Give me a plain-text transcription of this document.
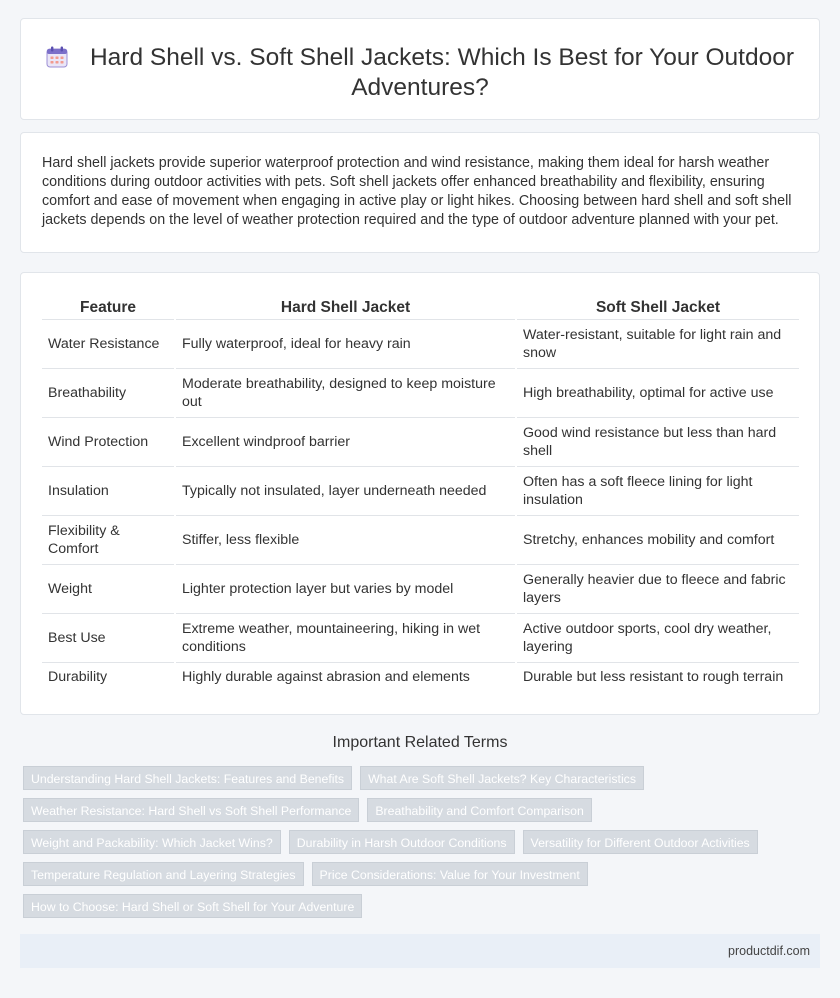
Hard Shell vs. Soft Shell Jackets: Which Is Best for Your Outdoor Adventures?

Hard shell jackets provide superior waterproof protection and wind resistance, making them ideal for harsh weather conditions during outdoor activities with pets. Soft shell jackets offer enhanced breathability and flexibility, ensuring comfort and ease of movement when engaging in active play or light hikes. Choosing between hard shell and soft shell jackets depends on the level of weather protection required and the type of outdoor adventure planned with your pet.

Feature	Hard Shell Jacket	Soft Shell Jacket
Water Resistance	Fully waterproof, ideal for heavy rain	Water-resistant, suitable for light rain and snow
Breathability	Moderate breathability, designed to keep moisture out	High breathability, optimal for active use
Wind Protection	Excellent windproof barrier	Good wind resistance but less than hard shell
Insulation	Typically not insulated, layer underneath needed	Often has a soft fleece lining for light insulation
Flexibility & Comfort	Stiffer, less flexible	Stretchy, enhances mobility and comfort
Weight	Lighter protection layer but varies by model	Generally heavier due to fleece and fabric layers
Best Use	Extreme weather, mountaineering, hiking in wet conditions	Active outdoor sports, cool dry weather, layering
Durability	Highly durable against abrasion and elements	Durable but less resistant to rough terrain
Important Related Terms
Understanding Hard Shell Jackets: Features and Benefits	What Are Soft Shell Jackets? Key Characteristics
Weather Resistance: Hard Shell vs Soft Shell Performance	Breathability and Comfort Comparison
Weight and Packability: Which Jacket Wins?	Durability in Harsh Outdoor Conditions	Versatility for Different Outdoor Activities
Temperature Regulation and Layering Strategies	Price Considerations: Value for Your Investment
How to Choose: Hard Shell or Soft Shell for Your Adventure
productdif.com
